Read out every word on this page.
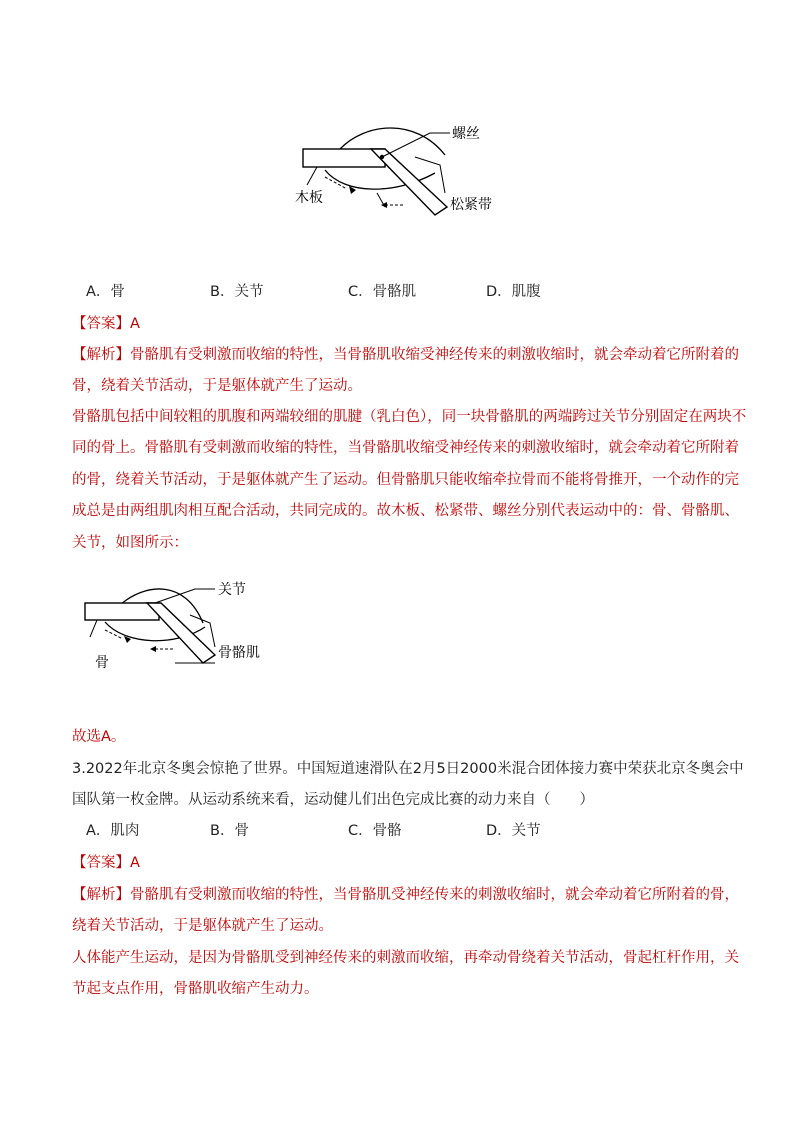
螺丝
木板	松紧带
A．骨	B．关节	C．骨骼肌	D．肌腹
【答案】A
【解析】骨骼肌有受刺激而收缩的特性，当骨骼肌收缩受神经传来的刺激收缩时，就会牵动着它所附着的
骨，绕着关节活动，于是躯体就产生了运动。
骨骼肌包括中间较粗的肌腹和两端较细的肌腱（乳白色），同一块骨骼肌的两端跨过关节分别固定在两块不
同的骨上。骨骼肌有受刺激而收缩的特性，当骨骼肌收缩受神经传来的刺激收缩时，就会牵动着它所附着
的骨，绕着关节活动，于是躯体就产生了运动。但骨骼肌只能收缩牵拉骨而不能将骨推开，一个动作的完
成总是由两组肌肉相互配合活动，共同完成的。故木板、松紧带、螺丝分别代表运动中的：骨、骨骼肌、
关节，如图所示：
关节
骨
骨骼肌
故选A。
3.2022年北京冬奥会惊艳了世界。中国短道速滑队在2月5日2000米混合团体接力赛中荣获北京冬奥会中
国队第一枚金牌。从运动系统来看，运动健儿们出色完成比赛的动力来自（　　）
A．肌肉	B．骨	C．骨骼	D．关节
【答案】A
【解析】骨骼肌有受刺激而收缩的特性，当骨骼肌受神经传来的刺激收缩时，就会牵动着它所附着的骨，
绕着关节活动，于是躯体就产生了运动。
人体能产生运动，是因为骨骼肌受到神经传来的刺激而收缩，再牵动骨绕着关节活动，骨起杠杆作用，关
节起支点作用，骨骼肌收缩产生动力。
